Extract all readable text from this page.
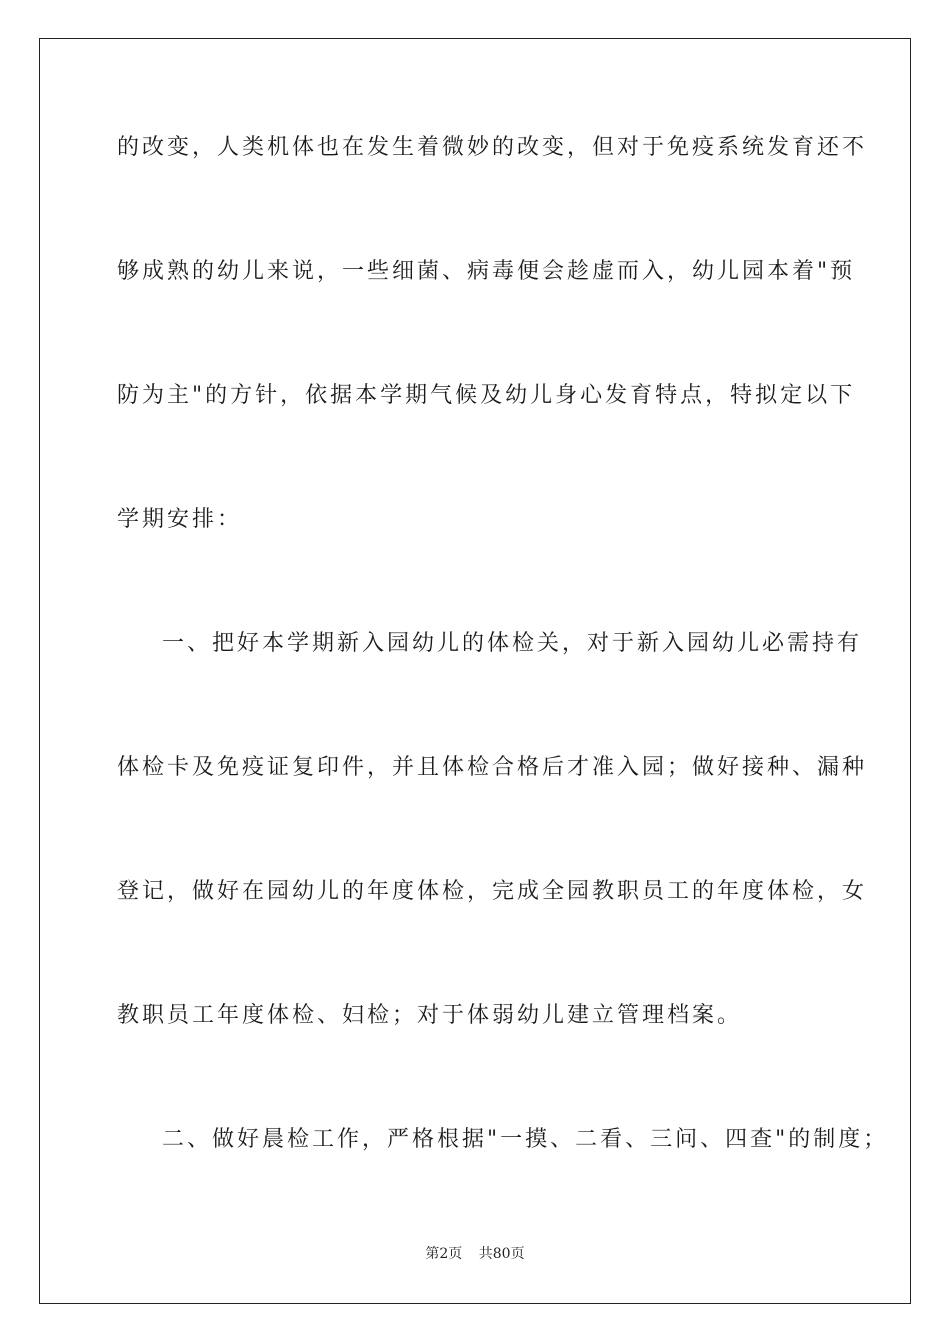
的改变，人类机体也在发生着微妙的改变，但对于免疫系统发育还不
够成熟的幼儿来说，一些细菌、病毒便会趁虚而入，幼儿园本着"预
防为主"的方针，依据本学期气候及幼儿身心发育特点，特拟定以下
学期安排：
一、把好本学期新入园幼儿的体检关，对于新入园幼儿必需持有
体检卡及免疫证复印件，并且体检合格后才准入园；做好接种、漏种
登记，做好在园幼儿的年度体检，完成全园教职员工的年度体检，女
教职员工年度体检、妇检；对于体弱幼儿建立管理档案。
二、做好晨检工作，严格根据"一摸、二看、三问、四查"的制度；
第2页 共80页
